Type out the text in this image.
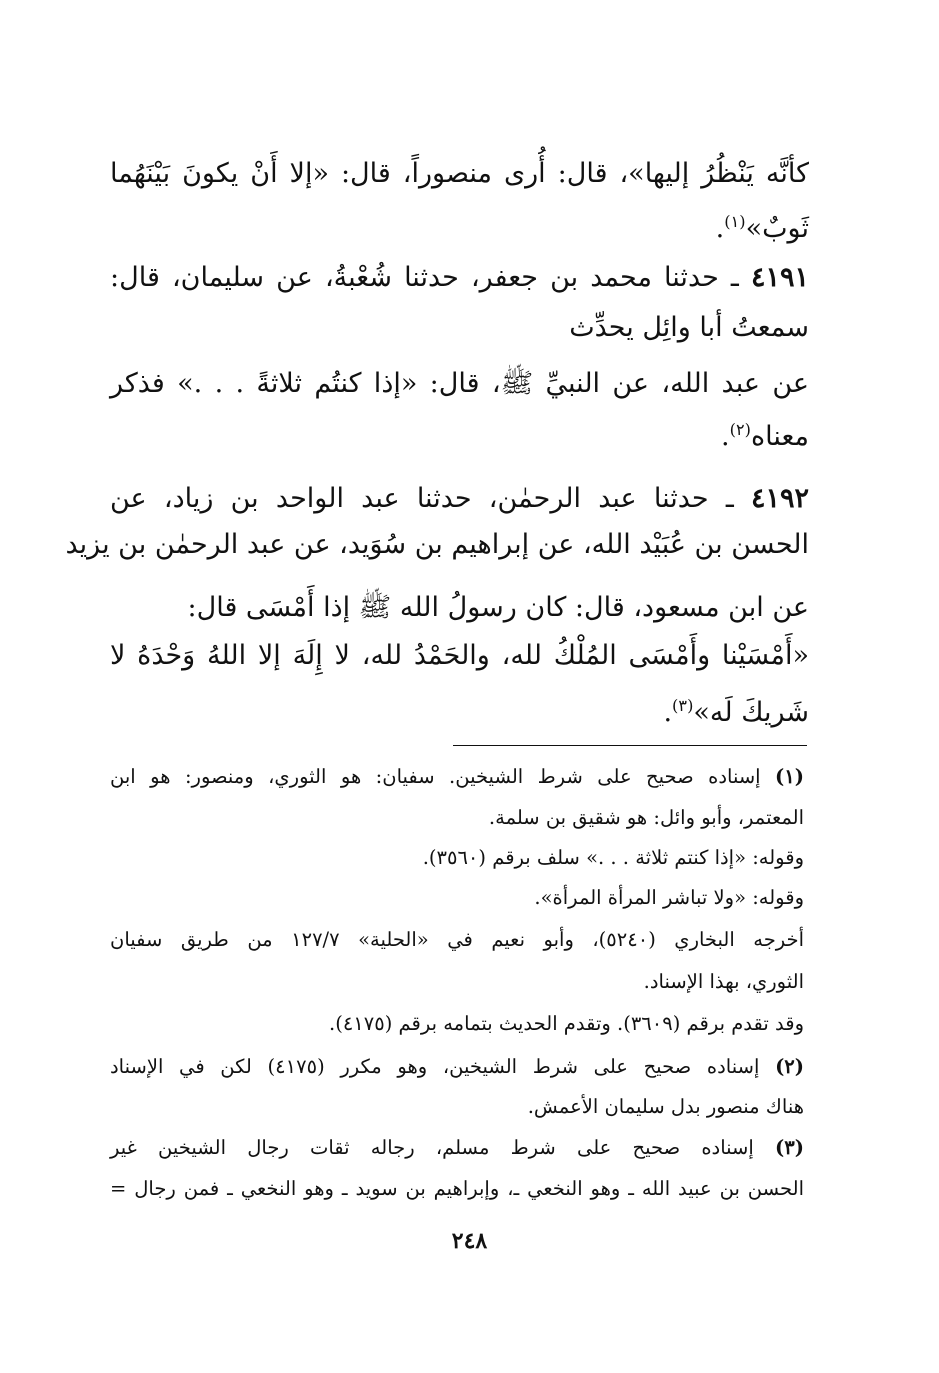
كأنَّه يَنْظُرُ إليها»، قال: أُرى منصوراً، قال: «إلا أَنْ يكونَ بَيْنَهُما
ثَوبٌ»$^{(١)}$.
٤١٩١ ـ حدثنا محمد بن جعفر، حدثنا شُعْبةُ، عن سليمان، قال:
سمعتُ أبا وائِل يحدِّث
عن عبد الله، عن النبيِّ ﷺ، قال: «إذا كنتُم ثلاثةً . . .» فذكر
معناه$^{(٢)}$.
٤١٩٢ ـ حدثنا عبد الرحمٰن، حدثنا عبد الواحد بن زياد، عن
الحسن بن عُبَيْد الله، عن إبراهيم بن سُوَيد، عن عبد الرحمٰن بن يزيد
عن ابن مسعود، قال: كان رسولُ الله ﷺ إذا أَمْسَى قال:
«أَمْسَيْنا وأَمْسَى المُلْكُ لله، والحَمْدُ لله، لا إِلَهَ إلا اللهُ وَحْدَهُ لا
شَريكَ لَه»$^{(٣)}$.
(١) إسناده صحيح على شرط الشيخين. سفيان: هو الثوري، ومنصور: هو ابن
المعتمر، وأبو وائل: هو شقيق بن سلمة.
وقوله: «إذا كنتم ثلاثة . . .» سلف برقم (٣٥٦٠).
وقوله: «ولا تباشر المرأة المرأة».
أخرجه البخاري (٥٢٤٠)، وأبو نعيم في «الحلية» ١٢٧/٧ من طريق سفيان
الثوري، بهذا الإسناد.
وقد تقدم برقم (٣٦٠٩). وتقدم الحديث بتمامه برقم (٤١٧٥).
(٢) إسناده صحيح على شرط الشيخين، وهو مكرر (٤١٧٥) لكن في الإسناد
هناك منصور بدل سليمان الأعمش.
(٣) إسناده صحيح على شرط مسلم، رجاله ثقات رجال الشيخين غير
الحسن بن عبيد الله ـ وهو النخعي ـ، وإبراهيم بن سويد ـ وهو النخعي ـ فمن رجال =
٢٤٨
